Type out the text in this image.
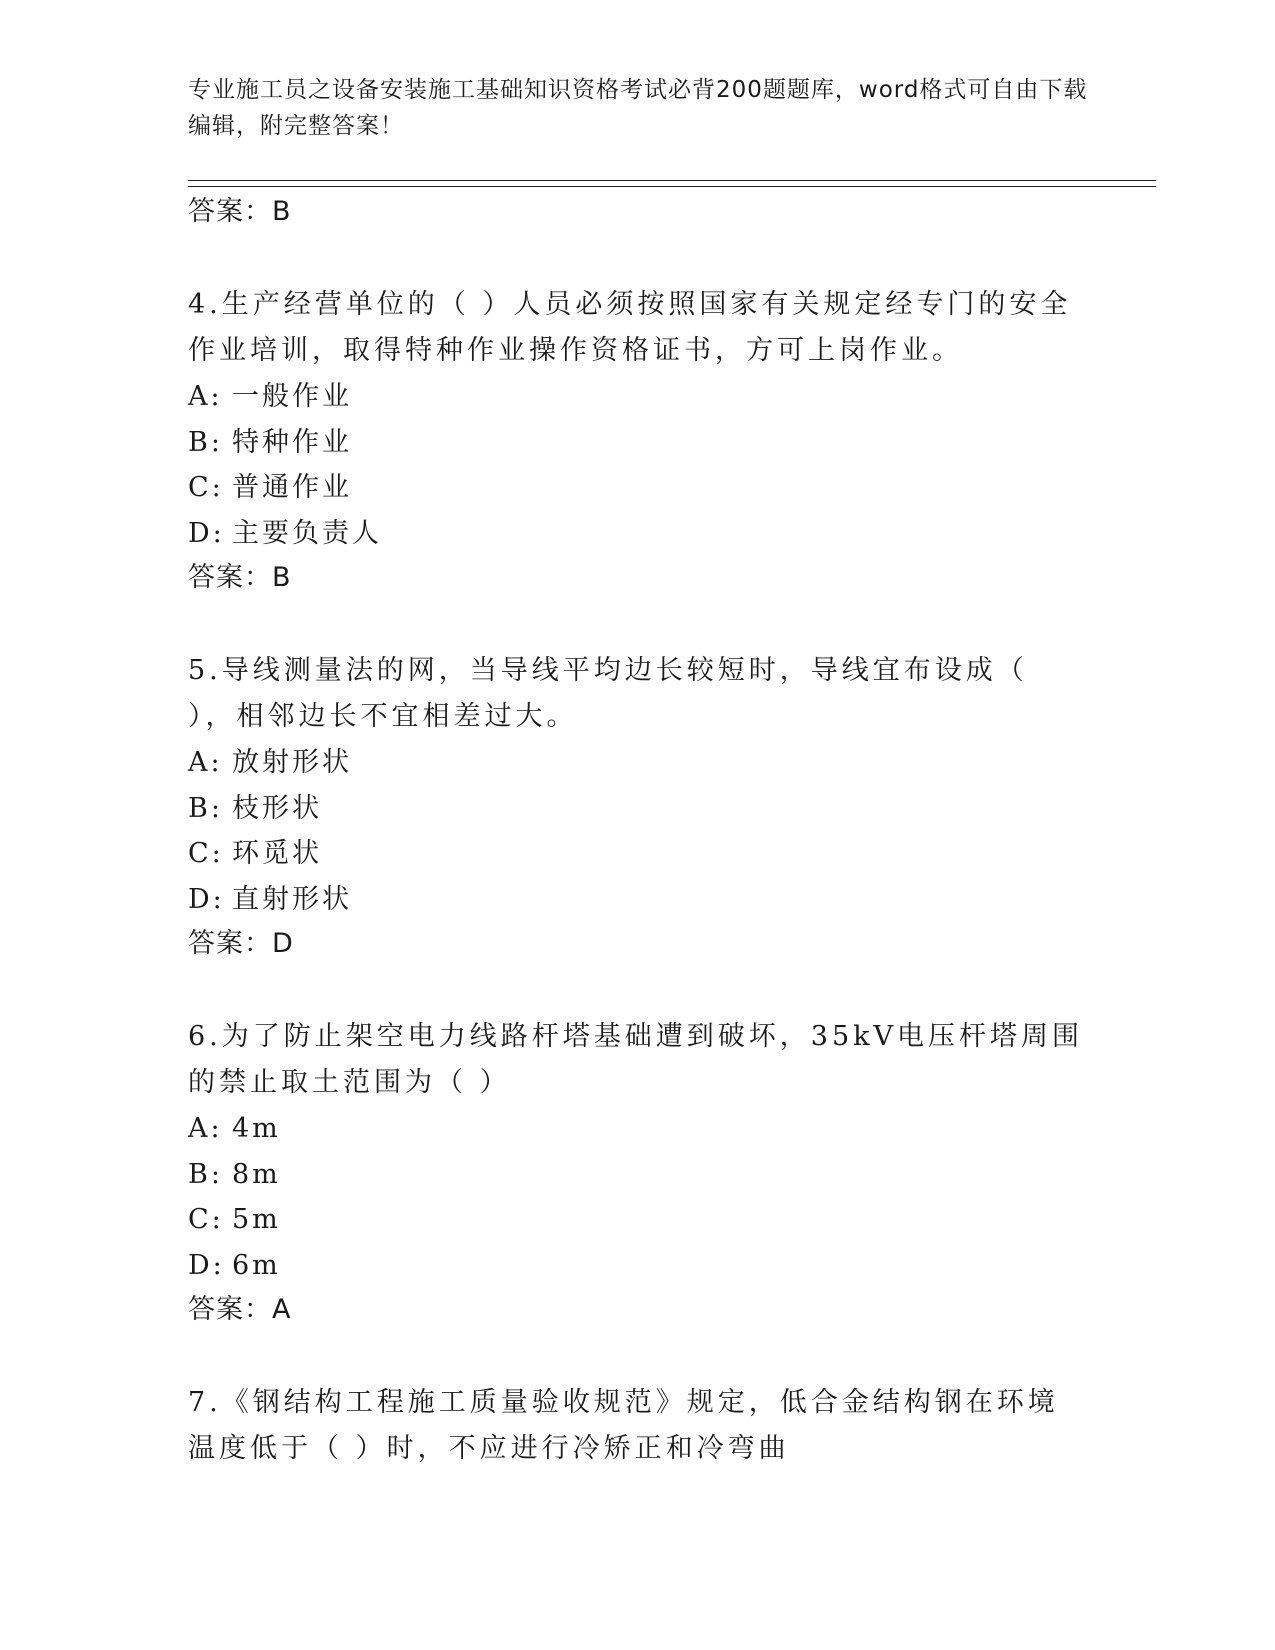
专业施工员之设备安装施工基础知识资格考试必背200题题库，word格式可自由下载编辑，附完整答案！
答案：B

4.生产经营单位的（ ）人员必须按照国家有关规定经专门的安全作业培训，取得特种作业操作资格证书，方可上岗作业。

A: 一般作业
B: 特种作业
C: 普通作业
D: 主要负责人
答案：B

5.导线测量法的网，当导线平均边长较短时，导线宜布设成（ ），相邻边长不宜相差过大。

A: 放射形状
B: 枝形状
C: 环觅状
D: 直射形状
答案：D

6.为了防止架空电力线路杆塔基础遭到破坏，35kV电压杆塔周围的禁止取土范围为（ ）

A: 4m
B: 8m
C: 5m
D: 6m
答案：A

7.《钢结构工程施工质量验收规范》规定，低合金结构钢在环境温度低于（ ）时，不应进行冷矫正和冷弯曲
